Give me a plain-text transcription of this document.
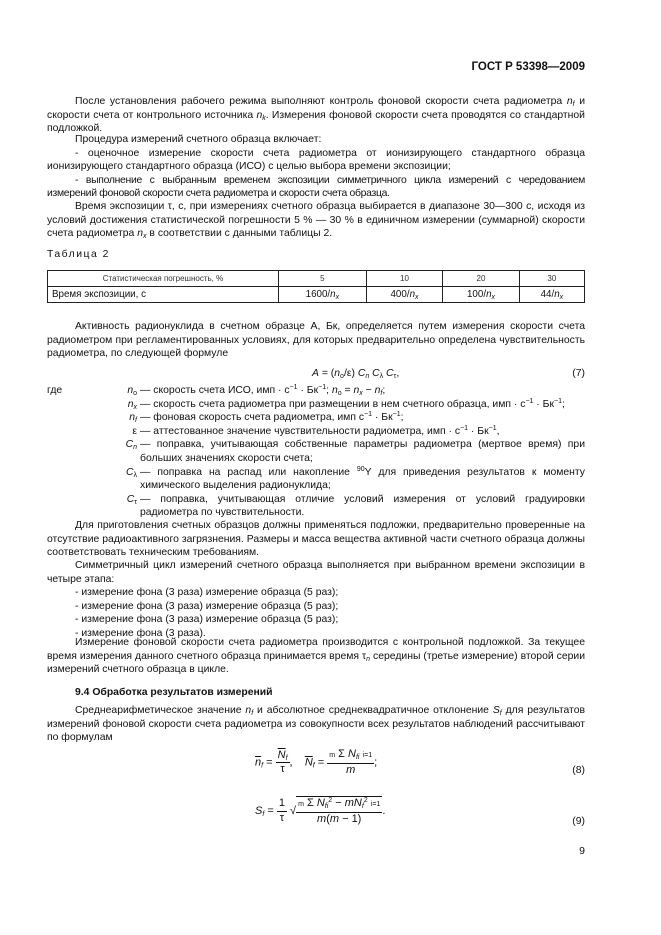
ГОСТ Р 53398—2009

После установления рабочего режима выполняют контроль фоновой скорости счета радиометра $n_f$ и скорости счета от контрольного источника $n_k$. Измерения фоновой скорости счета проводятся со стандартной подложкой.

Процедура измерений счетного образца включает:

- оценочное измерение скорости счета радиометра от ионизирующего стандартного образца ионизирующего стандартного образца (ИСО) с целью выбора времени экспозиции;

- выполнение с выбранным временем экспозиции симметричного цикла измерений с чередованием измерений фоновой скорости счета радиометра и скорости счета образца.

Время экспозиции τ, с, при измерениях счетного образца выбирается в диапазоне 30—300 с, исходя из условий достижения статистической погрешности 5 % — 30 % в единичном измерении (суммарной) скорости счета радиометра $n_x$ в соответствии с данными таблицы 2.

Таблица 2
Статистическая погрешность, %	5	10	20	30
Время экспозиции, с	$1600/n_x$	$400/n_x$	$100/n_x$	$44/n_x$

Активность радионуклида в счетном образце А, Бк, определяется путем измерения скорости счета радиометром при регламентированных условиях, для которых предварительно определена чувствительность радиометра, по следующей формуле

$A = (n_o/\varepsilon)$ $C_n$ $C_\lambda$ $C_\tau$,	(7)
где	$n_o$ — скорость счета ИСО, имп · $с^{-1} \cdot Бк^{-1}$; $n_o = n_x - n_f$;
$n_x$ — скорость счета радиометра при размещении в нем счетного образца, имп · $с^{-1} \cdot Бк^{-1}$;
$n_f$ — фоновая скорость счета радиометра, имп $с^{-1} \cdot Бк^{-1}$;
ε — аттестованное значение чувствительности радиометра, имп · $с^{-1} \cdot Бк^{-1}$,
$C_n$ — поправка, учитывающая собственные параметры радиометра (мертвое время) при больших значениях скорости счета;
$C_\lambda$ — поправка на распад или накопление $^{90}$Y для приведения результатов к моменту химического выделения радионуклида;
$C_\tau$ — поправка, учитывающая отличие условий измерения от условий градуировки радиометра по чувствительности.

Для приготовления счетных образцов должны применяться подложки, предварительно проверенные на отсутствие радиоактивного загрязнения. Размеры и масса вещества активной части счетного образца должны соответствовать техническим требованиям.

Симметричный цикл измерений счетного образца выполняется при выбранном времени экспозиции в четыре этапа:

- измерение фона (3 раза) измерение образца (5 раз);

- измерение фона (3 раза) измерение образца (5 раз);

- измерение фона (3 раза) измерение образца (5 раз);

- измерение фона (3 раза).

Измерение фоновой скорости счета радиометра производится с контрольной подложкой. За текущее время измерения данного счетного образца принимается время $\tau_n$ середины (третье измерение) второй серии измерений счетного образца в цикле.

9.4 Обработка результатов измерений

Среднеарифметическое значение $n_f$ и абсолютное среднеквадратичное отклонение $S_f$ для результатов измерений фоновой скорости счета радиометра из совокупности всех результатов наблюдений рассчитывают по формулам

$\overline{n}_f = \frac{\overline{N}_f}{\tau}$ ,    $\overline{N}_f = \frac{m \Sigma N_{fi} i=1}{m}$ ;
(8)
$S_f = \frac{1}{\tau}$ √ $\frac{m \Sigma N_{fi}^2 - m\overline{N}_f^2 i=1}{m(m - 1)}$ .
(9)
9
